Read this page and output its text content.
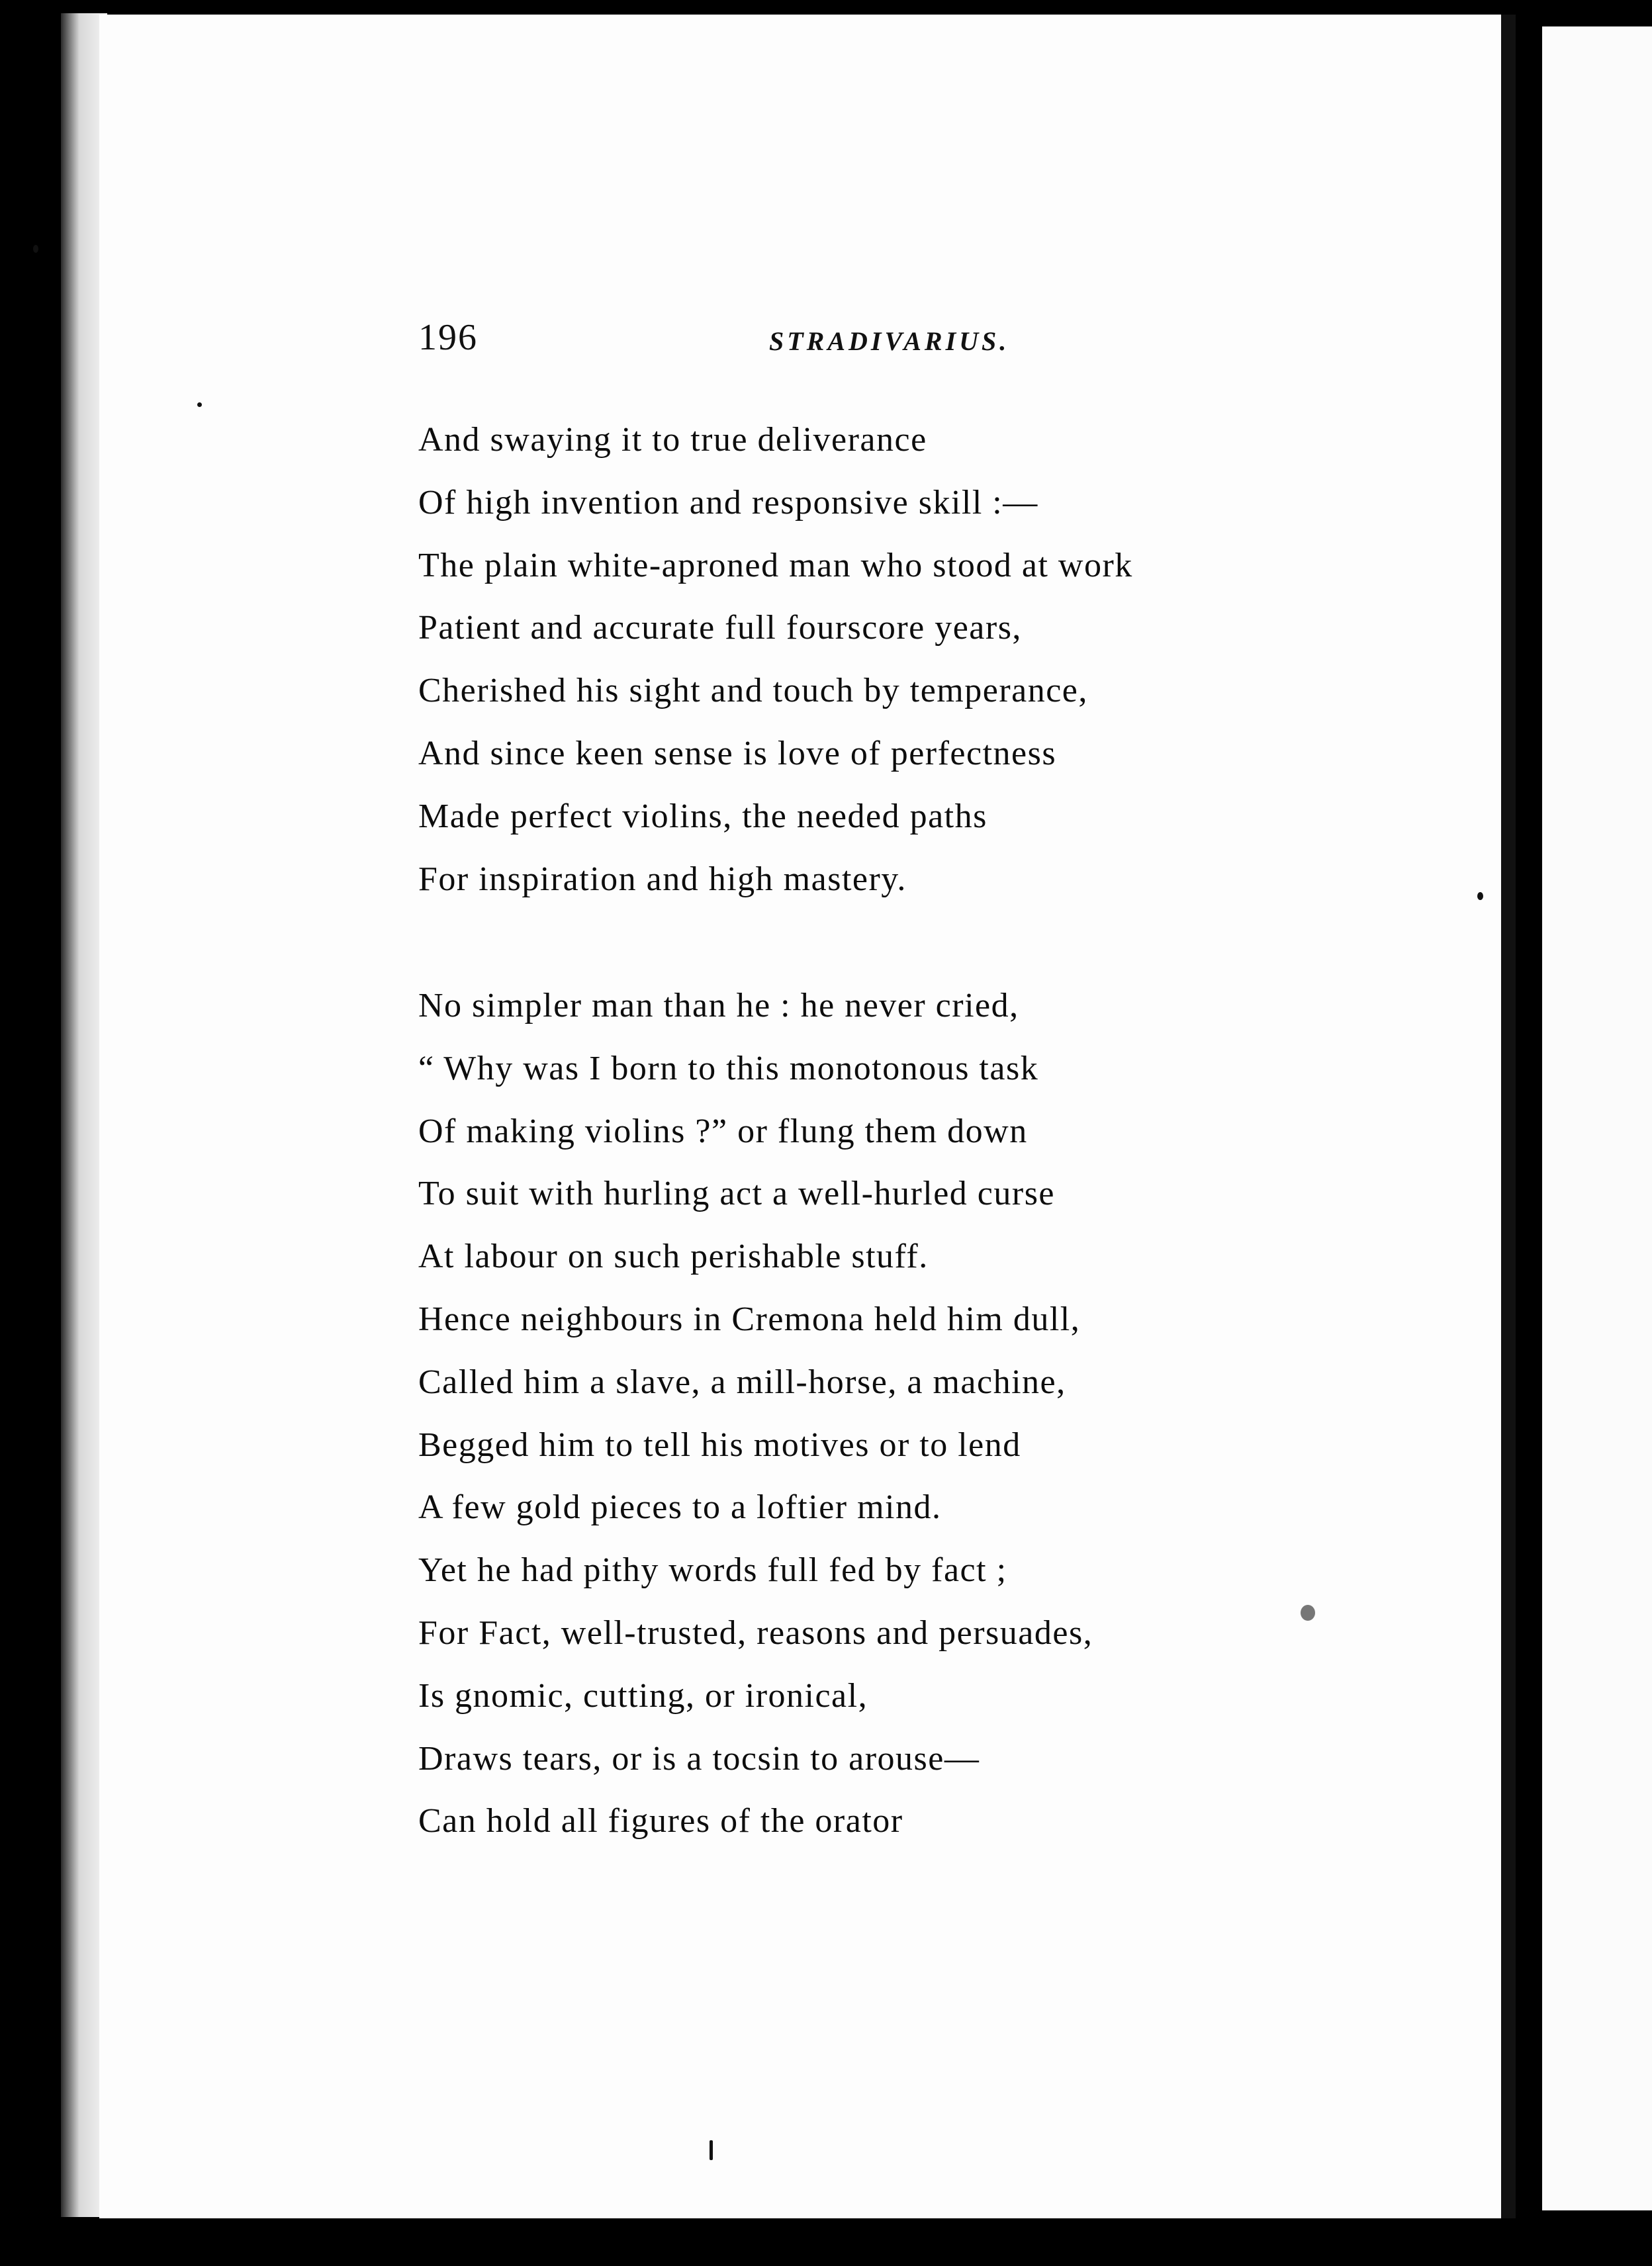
196	STRADIVARIUS.
And swaying it to true deliverance
Of high invention and responsive skill :—
The plain white-aproned man who stood at work
Patient and accurate full fourscore years,
Cherished his sight and touch by temperance,
And since keen sense is love of perfectness
Made perfect violins, the needed paths
For inspiration and high mastery.
No simpler man than he : he never cried,
“ Why was I born to this monotonous task
Of making violins ?” or flung them down
To suit with hurling act a well-hurled curse
At labour on such perishable stuff.
Hence neighbours in Cremona held him dull,
Called him a slave, a mill-horse, a machine,
Begged him to tell his motives or to lend
A few gold pieces to a loftier mind.
Yet he had pithy words full fed by fact ;
For Fact, well-trusted, reasons and persuades,
Is gnomic, cutting, or ironical,
Draws tears, or is a tocsin to arouse—
Can hold all figures of the orator
